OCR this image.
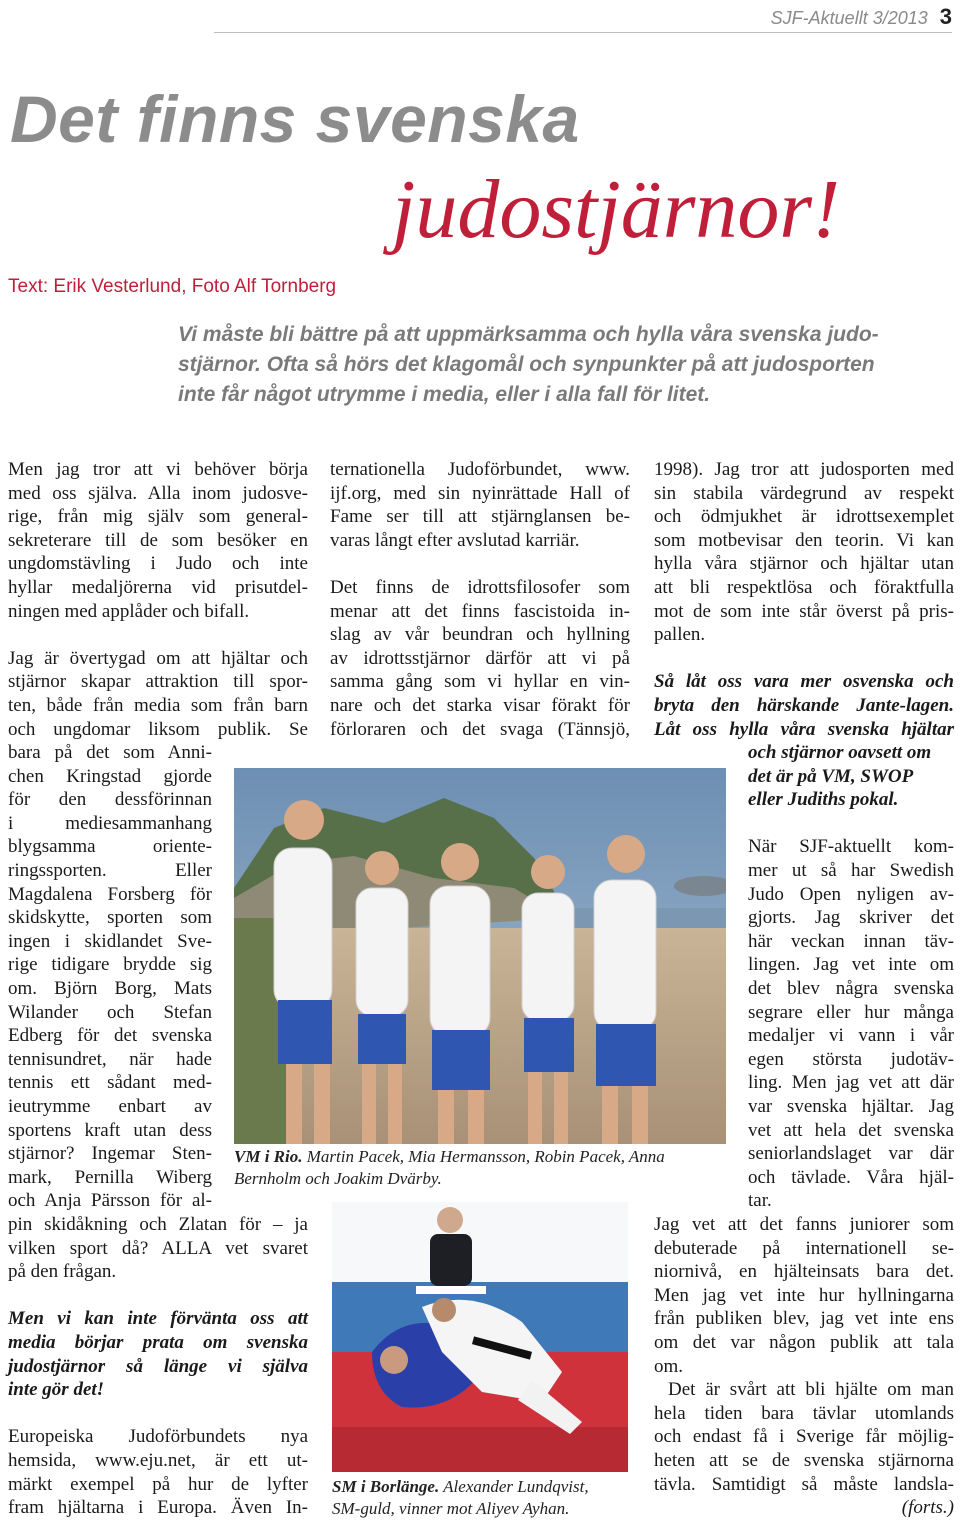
SJF-Aktuellt 3/2013 3
Det finns svenska
judostjärnor!
Text: Erik Vesterlund, Foto Alf Tornberg
Vi måste bli bättre på att uppmärksamma och hylla våra svenska judo-
stjärnor. Ofta så hörs det klagomål och synpunkter på att judosporten
inte får något utrymme i media, eller i alla fall för litet.
Men jag tror att vi behöver börja
med oss själva. Alla inom judosve-
rige, från mig själv som general-
sekreterare till de som besöker en
ungdomstävling i Judo och inte
hyllar medaljörerna vid prisutdel-
ningen med applåder och bifall.
Jag är övertygad om att hjältar och
stjärnor skapar attraktion till spor-
ten, både från media som från barn
och ungdomar liksom publik. Se
bara på det som Anni-
chen Kringstad gjorde
för den dessförinnan
i mediesammanhang
blygsamma orientе-
ringssporten. Eller
Magdalena Forsberg för
skidskytte, sporten som
ingen i skidlandet Sve-
rige tidigare brydde sig
om. Björn Borg, Mats
Wilander och Stefan
Edberg för det svenska
tennisundret, när hade
tennis ett sådant med-
ieutrymme enbart av
sportens kraft utan dess
stjärnor? Ingemar Sten-
mark, Pernilla Wiberg
och Anja Pärsson för al-
pin skidåkning och Zlatan för – ja
vilken sport då? ALLA vet svaret
på den frågan.
Men vi kan inte förvänta oss att
media börjar prata om svenska
judostjärnor så länge vi själva
inte gör det!
Europeiska Judoförbundets nya
hemsida, www.eju.net, är ett ut-
märkt exempel på hur de lyfter
fram hjältarna i Europa. Även In-
ternationella Judoförbundet, www.
ijf.org, med sin nyinrättade Hall of
Fame ser till att stjärnglansen be-
varas långt efter avslutad karriär.
Det finns de idrottsfilosofer som
menar att det finns fascistoida in-
slag av vår beundran och hyllning
av idrottsstjärnor därför att vi på
samma gång som vi hyllar en vin-
nare och det starka visar förakt för
förloraren och det svaga (Tännsjö,
1998). Jag tror att judosporten med
sin stabila värdegrund av respekt
och ödmjukhet är idrottsexemplet
som motbevisar den teorin. Vi kan
hylla våra stjärnor och hjältar utan
att bli respektlösa och föraktfulla
mot de som inte står överst på pris-
pallen.
Så låt oss vara mer osvenska och
bryta den härskande Jante-lagen.
Låt oss hylla våra svenska hjältar
och stjärnor oavsett om
det är på VM, SWOP
eller Judiths pokal.
När SJF-aktuellt kom-
mer ut så har Swedish
Judo Open nyligen av-
gjorts. Jag skriver det
här veckan innan täv-
lingen. Jag vet inte om
det blev några svenska
segrare eller hur många
medaljer vi vann i vår
egen största judotäv-
ling. Men jag vet att där
var svenska hjältar. Jag
vet att hela det svenska
seniorlandslaget var där
och tävlade. Våra hjäl-
tar.
Jag vet att det fanns juniorer som
debuterade på internationell se-
niornivå, en hjälteinsats bara det.
Men jag vet inte hur hyllningarna
från publiken blev, jag vet inte ens
om det var någon publik att tala
om.
Det är svårt att bli hjälte om man
hela tiden bara tävlar utomlands
och endast få i Sverige får möjlig-
heten att se de svenska stjärnorna
tävla. Samtidigt så måste landsla-
(forts.)
VM i Rio. Martin Pacek, Mia Hermansson, Robin Pacek, Anna
Bernholm och Joakim Dvärby.
SM i Borlänge. Alexander Lundqvist,
SM-guld, vinner mot Aliyev Ayhan.
